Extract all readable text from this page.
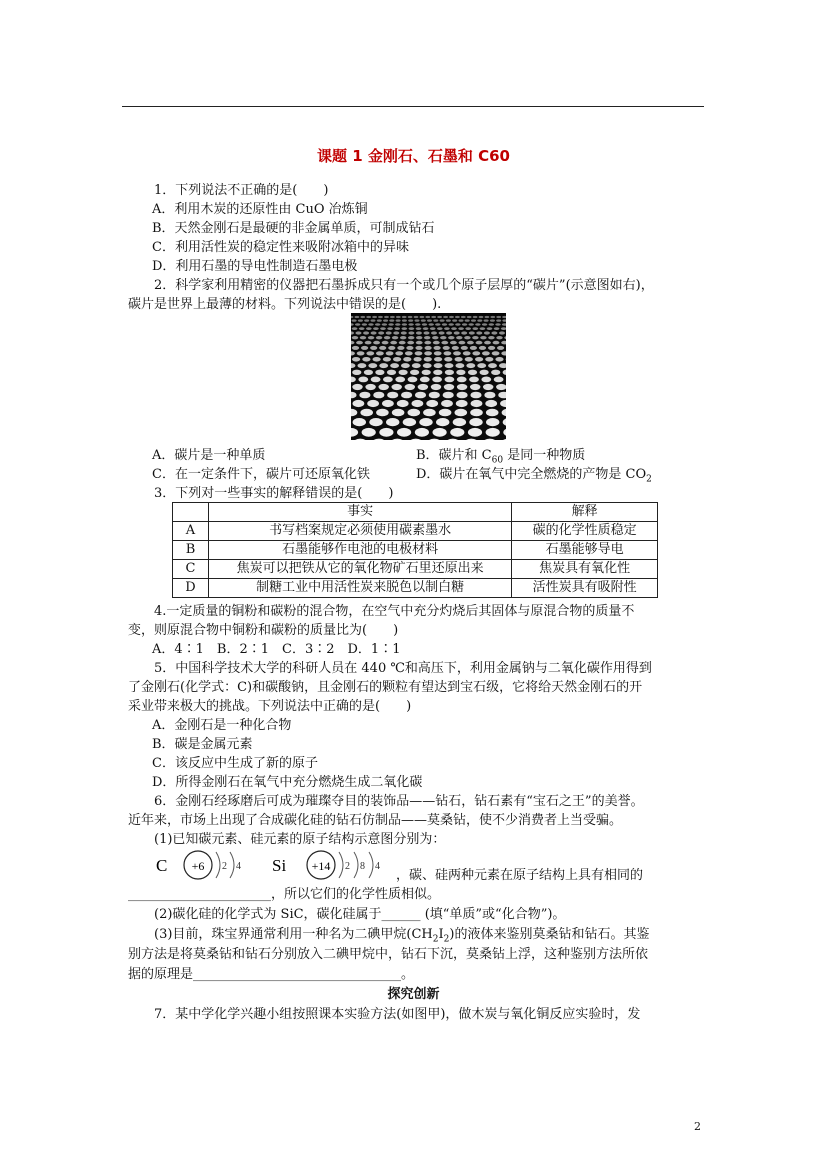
课题 1 金刚石、石墨和 C60
1．下列说法不正确的是(　　)
A．利用木炭的还原性由 CuO 冶炼铜
B．天然金刚石是最硬的非金属单质，可制成钻石
C．利用活性炭的稳定性来吸附冰箱中的异味
D．利用石墨的导电性制造石墨电极
2．科学家利用精密的仪器把石墨拆成只有一个或几个原子层厚的“碳片”(示意图如右)，
碳片是世界上最薄的材料。下列说法中错误的是(　　).
A．碳片是一种单质	B．碳片和 $C_{60}$ 是同一种物质
C．在一定条件下，碳片可还原氧化铁	D．碳片在氧气中完全燃烧的产物是 $CO_2$
3．下列对一些事实的解释错误的是(　　)
	事实	解释
A	书写档案规定必须使用碳素墨水	碳的化学性质稳定
B	石墨能够作电池的电极材料	石墨能够导电
C	焦炭可以把铁从它的氧化物矿石里还原出来	焦炭具有氧化性
D	制糖工业中用活性炭来脱色以制白糖	活性炭具有吸附性
4.一定质量的铜粉和碳粉的混合物，在空气中充分灼烧后其固体与原混合物的质量不
变，则原混合物中铜粉和碳粉的质量比为(　　)
A．4∶1　B．2∶1　C．3∶2　D．1∶1
5．中国科学技术大学的科研人员在 440 ℃和高压下，利用金属钠与二氧化碳作用得到
了金刚石(化学式：C)和碳酸钠，且金刚石的颗粒有望达到宝石级，它将给天然金刚石的开
采业带来极大的挑战。下列说法中正确的是(　　)
A．金刚石是一种化合物
B．碳是金属元素
C．该反应中生成了新的原子
D．所得金刚石在氧气中充分燃烧生成二氧化碳
6．金刚石经琢磨后可成为璀璨夺目的装饰品——钻石，钻石素有“宝石之王”的美誉。
近年来，市场上出现了合成碳化硅的钻石仿制品——莫桑钻，使不少消费者上当受骗。
(1)已知碳元素、硅元素的原子结构示意图分别为：
C +6 2 4 Si +14 2 8 4
，碳、硅两种元素在原子结构上具有相同的
______________________，所以它们的化学性质相似。
(2)碳化硅的化学式为 SiC，碳化硅属于______ (填“单质”或“化合物”)。
(3)目前，珠宝界通常利用一种名为二碘甲烷$(CH_2I_2)$的液体来鉴别莫桑钻和钻石。其鉴
别方法是将莫桑钻和钻石分别放入二碘甲烷中，钻石下沉，莫桑钻上浮，这种鉴别方法所依
据的原理是________________________________。
探究创新
7．某中学化学兴趣小组按照课本实验方法(如图甲)，做木炭与氧化铜反应实验时，发
2
